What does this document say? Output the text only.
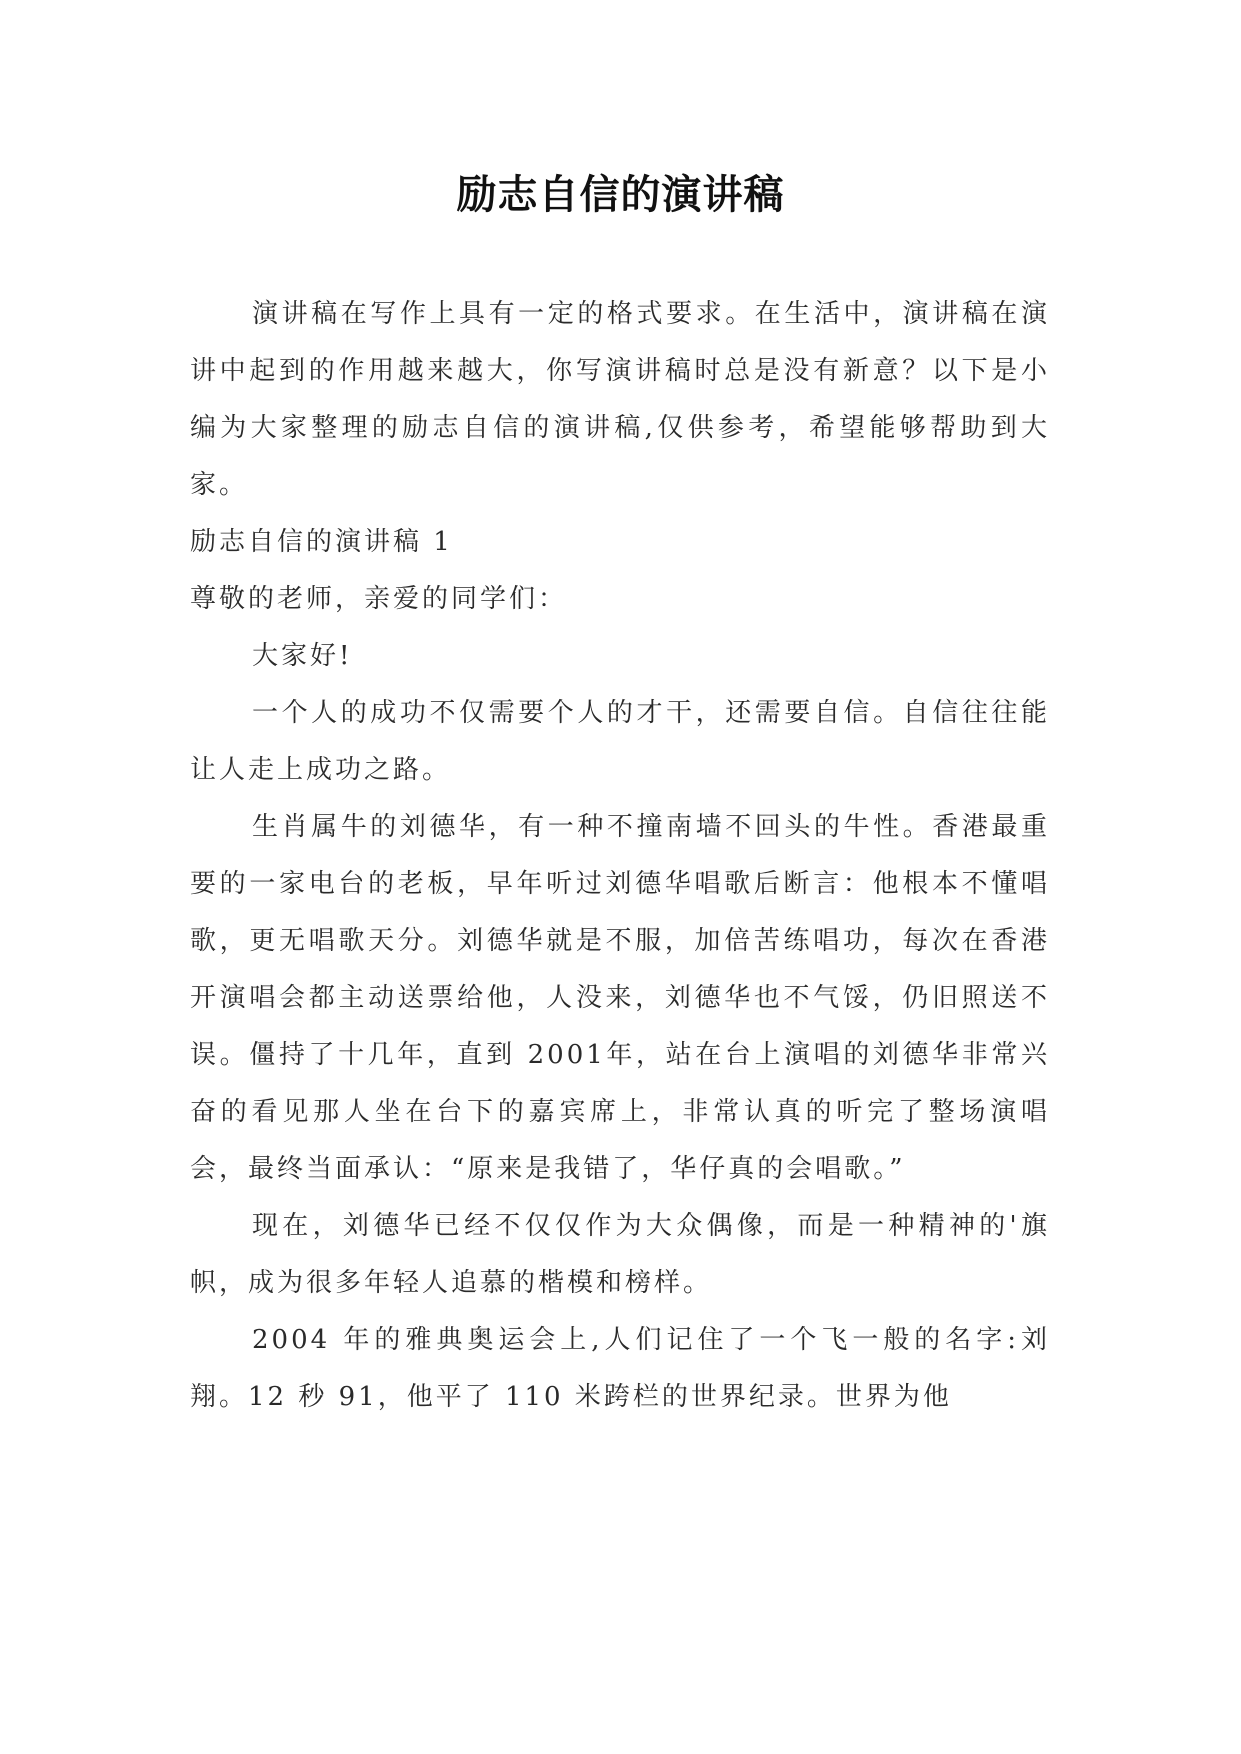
励志自信的演讲稿

演讲稿在写作上具有一定的格式要求。在生活中，演讲稿在演讲中起到的作用越来越大，你写演讲稿时总是没有新意？以下是小编为大家整理的励志自信的演讲稿,仅供参考，希望能够帮助到大家。

励志自信的演讲稿 1

尊敬的老师，亲爱的同学们：

大家好!

一个人的成功不仅需要个人的才干，还需要自信。自信往往能让人走上成功之路。

生肖属牛的刘德华，有一种不撞南墙不回头的牛性。香港最重要的一家电台的老板，早年听过刘德华唱歌后断言：他根本不懂唱歌，更无唱歌天分。刘德华就是不服，加倍苦练唱功，每次在香港开演唱会都主动送票给他，人没来，刘德华也不气馁，仍旧照送不误。僵持了十几年，直到 2001年，站在台上演唱的刘德华非常兴奋的看见那人坐在台下的嘉宾席上，非常认真的听完了整场演唱会，最终当面承认：“原来是我错了，华仔真的会唱歌。”

现在，刘德华已经不仅仅作为大众偶像，而是一种精神的'旗帜，成为很多年轻人追慕的楷模和榜样。

2004 年的雅典奥运会上,人们记住了一个飞一般的名字:刘翔。12 秒 91，他平了 110 米跨栏的世界纪录。世界为他
